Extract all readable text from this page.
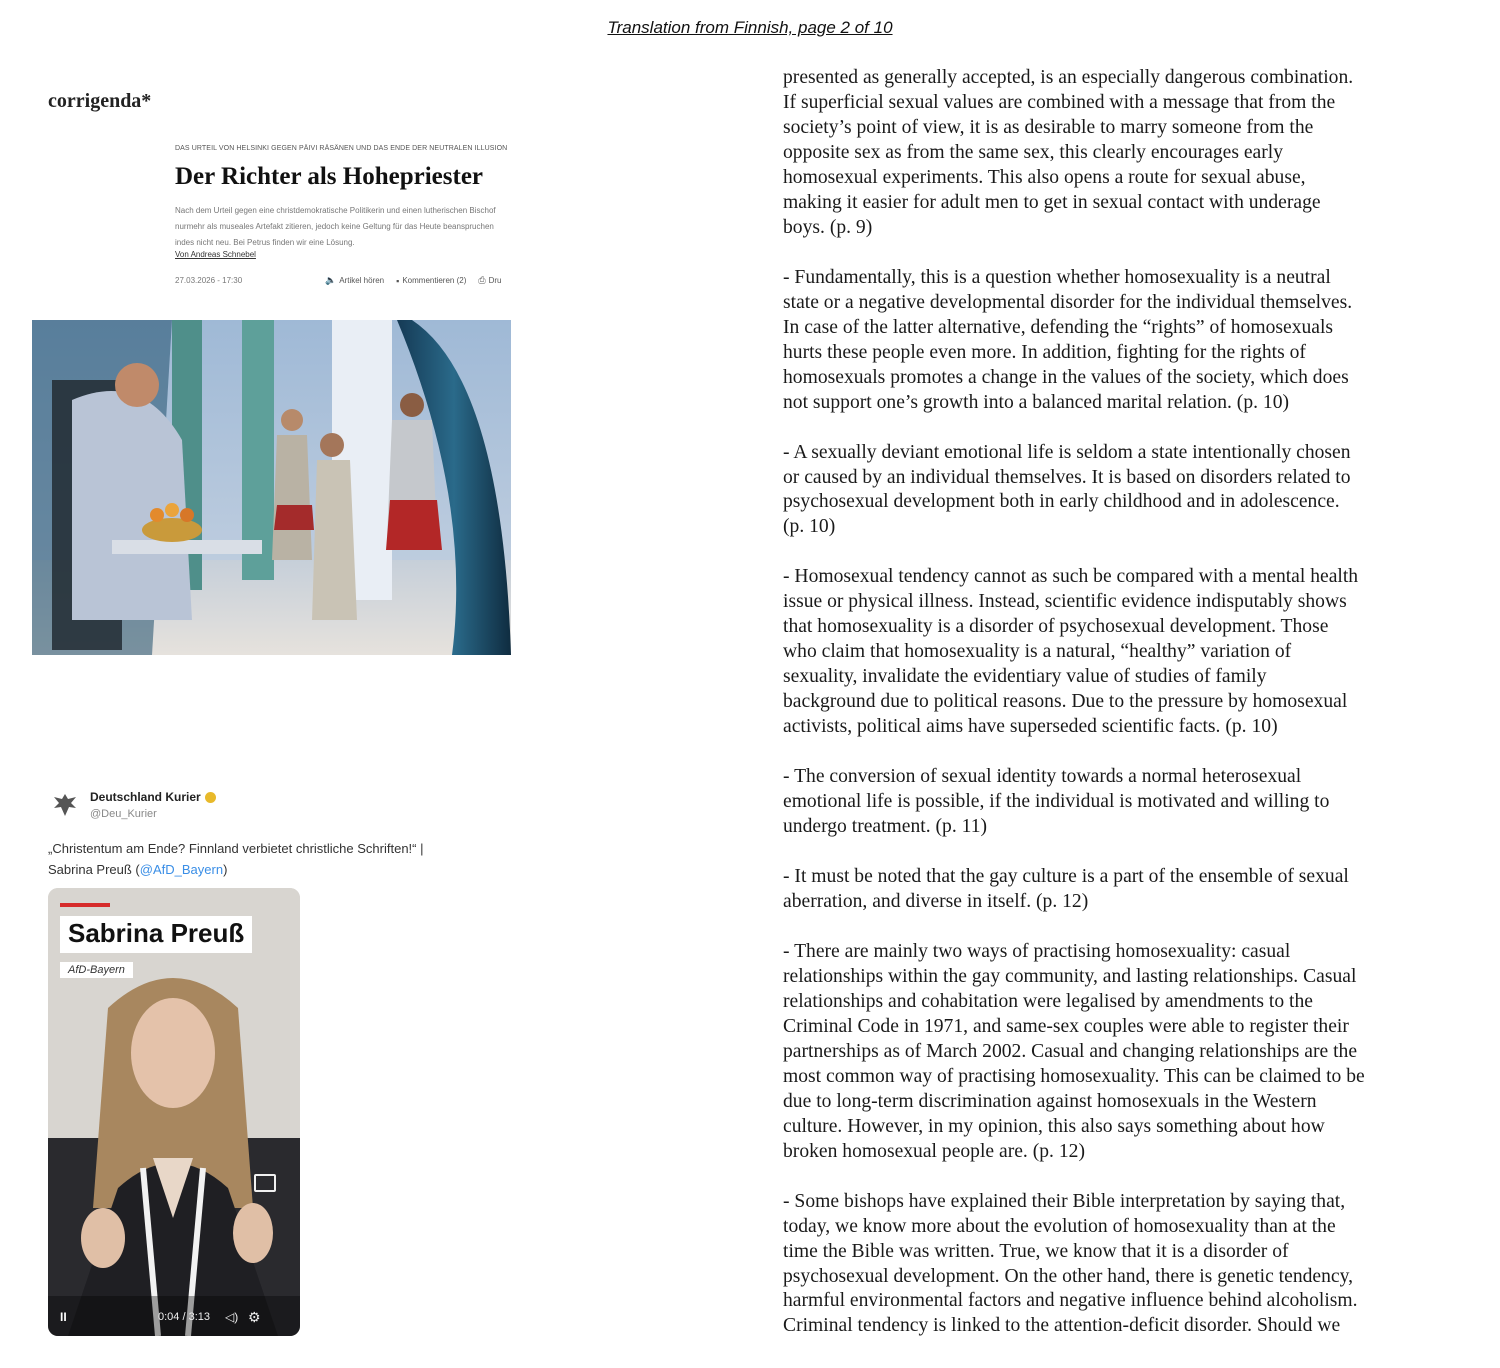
Translation from Finnish, page 2 of 10
corrigenda*
DAS URTEIL VON HELSINKI GEGEN PÄIVI RÄSÄNEN UND DAS ENDE DER NEUTRALEN ILLUSION
Der Richter als Hohepriester
Nach dem Urteil gegen eine christdemokratische Politikerin und einen lutherischen Bischof
nurmehr als museales Artefakt zitieren, jedoch keine Geltung für das Heute beanspruchen
indes nicht neu. Bei Petrus finden wir eine Lösung.
Von Andreas Schnebel
27.03.2026 - 17:30	🔈 Artikel hören ▪ Kommentieren (2) ⎙ Dru
Deutschland Kurier
@Deu_Kurier
„Christentum am Ende? Finnland verbietet christliche Schriften!“ |
Sabrina Preuß (@AfD_Bayern)
Sabrina Preuß
AfD-Bayern
II	0:04 / 3:13 ◁) ⚙

presented as generally accepted, is an especially dangerous combination.
If superficial sexual values are combined with a message that from the
society’s point of view, it is as desirable to marry someone from the
opposite sex as from the same sex, this clearly encourages early
homosexual experiments. This also opens a route for sexual abuse,
making it easier for adult men to get in sexual contact with underage
boys. (p. 9)

- Fundamentally, this is a question whether homosexuality is a neutral
state or a negative developmental disorder for the individual themselves.
In case of the latter alternative, defending the “rights” of homosexuals
hurts these people even more. In addition, fighting for the rights of
homosexuals promotes a change in the values of the society, which does
not support one’s growth into a balanced marital relation. (p. 10)

- A sexually deviant emotional life is seldom a state intentionally chosen
or caused by an individual themselves. It is based on disorders related to
psychosexual development both in early childhood and in adolescence.
(p. 10)

- Homosexual tendency cannot as such be compared with a mental health
issue or physical illness. Instead, scientific evidence indisputably shows
that homosexuality is a disorder of psychosexual development. Those
who claim that homosexuality is a natural, “healthy” variation of
sexuality, invalidate the evidentiary value of studies of family
background due to political reasons. Due to the pressure by homosexual
activists, political aims have superseded scientific facts. (p. 10)

- The conversion of sexual identity towards a normal heterosexual
emotional life is possible, if the individual is motivated and willing to
undergo treatment. (p. 11)

- It must be noted that the gay culture is a part of the ensemble of sexual
aberration, and diverse in itself. (p. 12)

- There are mainly two ways of practising homosexuality: casual
relationships within the gay community, and lasting relationships. Casual
relationships and cohabitation were legalised by amendments to the
Criminal Code in 1971, and same-sex couples were able to register their
partnerships as of March 2002. Casual and changing relationships are the
most common way of practising homosexuality. This can be claimed to be
due to long-term discrimination against homosexuals in the Western
culture. However, in my opinion, this also says something about how
broken homosexual people are. (p. 12)

- Some bishops have explained their Bible interpretation by saying that,
today, we know more about the evolution of homosexuality than at the
time the Bible was written. True, we know that it is a disorder of
psychosexual development. On the other hand, there is genetic tendency,
harmful environmental factors and negative influence behind alcoholism.
Criminal tendency is linked to the attention-deficit disorder. Should we
